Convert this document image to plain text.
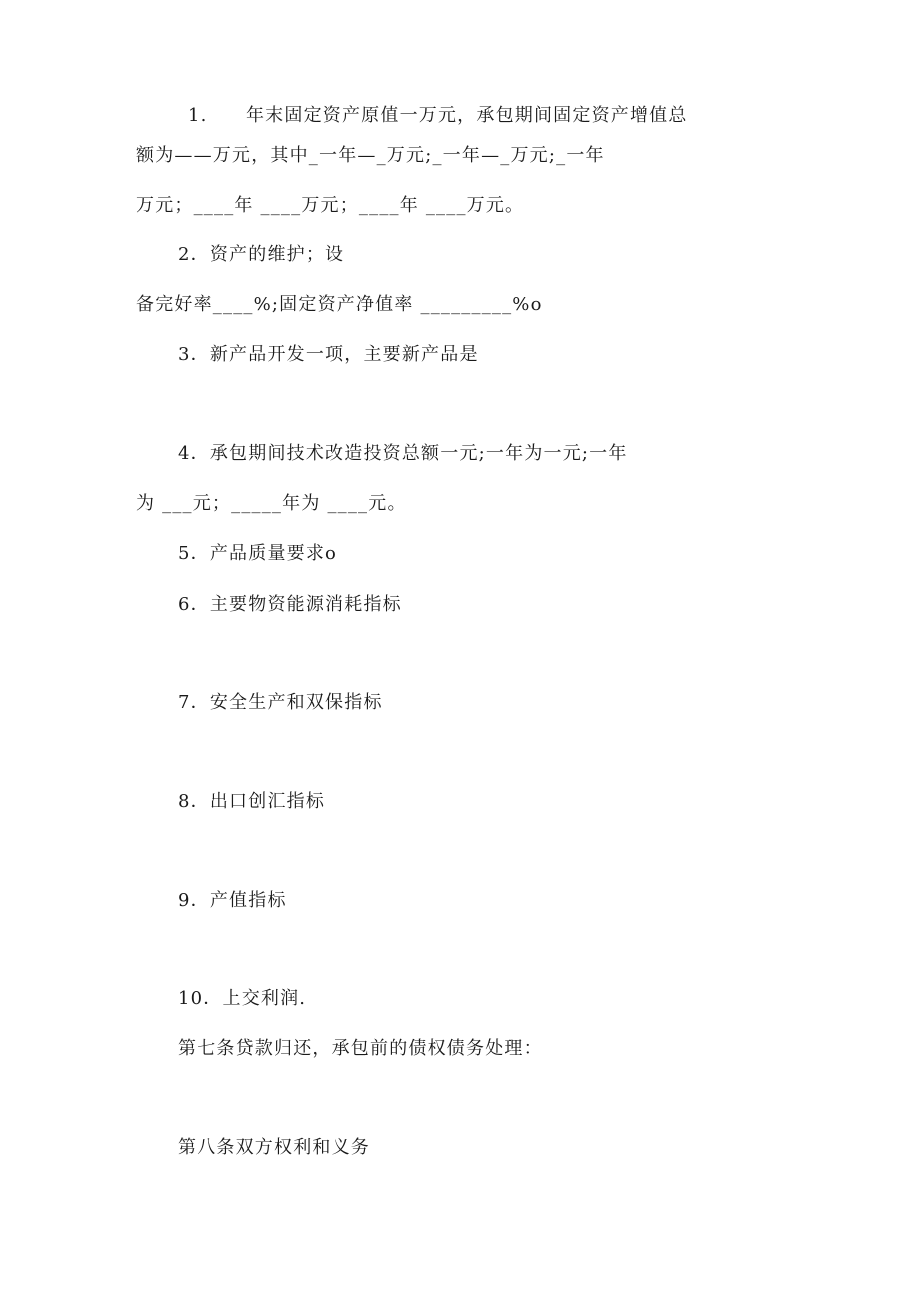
1.　　年末固定资产原值一万元，承包期间固定资产增值总
额为——万元，其中_一年—_万元;_一年—_万元;_一年
万元；____年 ____万元；____年 ____万元。
2．资产的维护；设
备完好率____%;固定资产净值率 _________%o
3．新产品开发一项，主要新产品是
4．承包期间技术改造投资总额一元;一年为一元;一年
为 ___元；_____年为 ____元。
5．产品质量要求o
6．主要物资能源消耗指标
7．安全生产和双保指标
8．出口创汇指标
9．产值指标
10．上交利润.
第七条贷款归还，承包前的债权债务处理：
第八条双方权利和义务
